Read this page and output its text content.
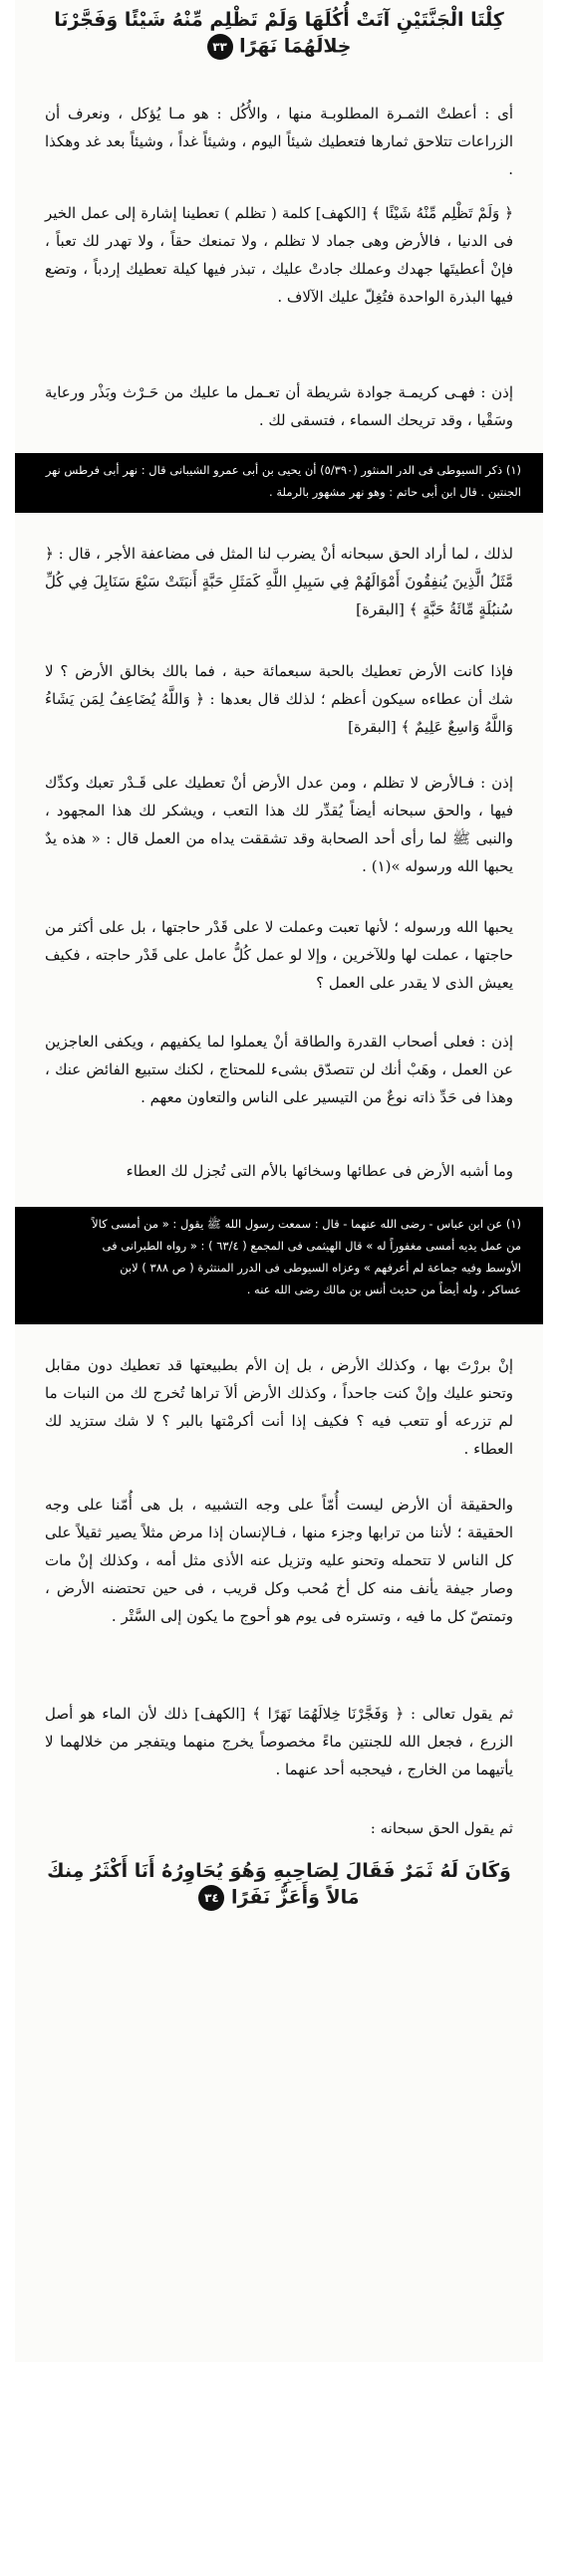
كِلْتَا الْجَنَّتَيْنِ آتَتْ أُكُلَهَا وَلَمْ تَظْلِم مِّنْهُ شَيْئًا وَفَجَّرْنَا خِلالَهُمَا نَهَرًا ٣٣

أى : أعطتْ الثمـرة المطلوبـة منها ، والأُكُل : هو مـا يُؤكل ، ونعرف أن الزراعات تتلاحق ثمارها فتعطيك شيئاً اليوم ، وشيئاً غداً ، وشيئاً بعد غد وهكذا .

﴿ وَلَمْ تَظْلِم مِّنْهُ شَيْئًا ﴾ [الكهف] كلمة ( تظلم ) تعطينا إشارة إلى عمل الخير فى الدنيا ، فالأرض وهى جماد لا تظلم ، ولا تمنعك حقاً ، ولا تهدر لك تعباً ، فإنْ أعطيتَها جهدك وعملك جادتْ عليك ، تبذر فيها كيلة تعطيك إردباً ، وتضع فيها البذرة الواحدة فتُغِلّ عليك الآلاف .

إذن : فهـى كريمـة جوادة شريطة أن تعـمل ما عليك من حَـرْث وبَذْر ورعاية وسَقْيا ، وقد تريحك السماء ، فتسقى لك .

(١) ذكر السيوطى فى الدر المنثور (٥/٣٩٠) أن يحيى بن أبى عمرو الشيبانى قال : نهر أبى فرطس نهر الجنتين . قال ابن أبى حاتم : وهو نهر مشهور بالرملة .

لذلك ، لما أراد الحق سبحانه أنْ يضرب لنا المثل فى مضاعفة الأجر ، قال : ﴿ مَّثَلُ الَّذِينَ يُنفِقُونَ أَمْوَالَهُمْ فِي سَبِيلِ اللَّهِ كَمَثَلِ حَبَّةٍ أَنبَتَتْ سَبْعَ سَنَابِلَ فِي كُلِّ سُنبُلَةٍ مِّائَةُ حَبَّةٍ ﴾ [البقرة]

فإذا كانت الأرض تعطيك بالحبة سبعمائة حبة ، فما بالك بخالق الأرض ؟ لا شك أن عطاءه سيكون أعظم ؛ لذلك قال بعدها : ﴿ وَاللَّهُ يُضَاعِفُ لِمَن يَشَاءُ وَاللَّهُ وَاسِعٌ عَلِيمٌ ﴾ [البقرة]

إذن : فـالأرض لا تظلم ، ومن عدل الأرض أنْ تعطيك على قَـدْر تعبك وكدِّك فيها ، والحق سبحانه أيضاً يُقدِّر لك هذا التعب ، ويشكر لك هذا المجهود ، والنبى ﷺ لما رأى أحد الصحابة وقد تشققت يداه من العمل قال : « هذه يدٌ يحبها الله ورسوله »(١) .

يحبها الله ورسوله ؛ لأنها تعبت وعملت لا على قَدْر حاجتها ، بل على أكثر من حاجتها ، عملت لها وللآخرين ، وإلا لو عمل كُلُّ عامل على قَدْر حاجته ، فكيف يعيش الذى لا يقدر على العمل ؟

إذن : فعلى أصحاب القدرة والطاقة أنْ يعملوا لما يكفيهم ، ويكفى العاجزين عن العمل ، وهَبْ أنك لن تتصدّق بشىء للمحتاج ، لكنك ستبيع الفائض عنك ، وهذا فى حَدِّ ذاته نوعٌ من التيسير على الناس والتعاون معهم .

وما أشبه الأرض فى عطائها وسخائها بالأم التى تُجزل لك العطاء

(١) عن ابن عباس - رضى الله عنهما - قال : سمعت رسول الله ﷺ يقول : « من أمسى كالاً
من عمل يديه أمسى مغفوراً له » قال الهيثمى فى المجمع ( ٦٣/٤ ) : « رواه الطبرانى فى
الأوسط وفيه جماعة لم أعرفهم » وعزاه السيوطى فى الدرر المنتثرة ( ص ٣٨٨ ) لابن
عساكر ، وله أيضاً من حديث أنس بن مالك رضى الله عنه .

إنْ بررْتَ بها ، وكذلك الأرض ، بل إن الأم بطبيعتها قد تعطيك دون مقابل وتحنو عليك وإنْ كنت جاحداً ، وكذلك الأرض ألاَ تراها تُخرج لك من النبات ما لم تزرعه أو تتعب فيه ؟ فكيف إذا أنت أكرمْتها بالبر ؟ لا شك ستزيد لك العطاء .

والحقيقة أن الأرض ليست أُمّاً على وجه التشبيه ، بل هى أُمّنا على وجه الحقيقة ؛ لأننا من ترابها وجزء منها ، فـالإنسان إذا مرض مثلاً يصير ثقيلاً على كل الناس لا تتحمله وتحنو عليه وتزيل عنه الأذى مثل أمه ، وكذلك إنْ مات وصار جيفة يأنف منه كل أخ مُحب وكل قريب ، فى حين تحتضنه الأرض ، وتمتصّ كل ما فيه ، وتستره فى يوم هو أحوج ما يكون إلى السَّتْر .

ثم يقول تعالى : ﴿ وَفَجَّرْنَا خِلالَهُمَا نَهَرًا ﴾ [الكهف] ذلك لأن الماء هو أصل الزرع ، فجعل الله للجنتين ماءً مخصوصاً يخرج منهما ويتفجر من خلالهما لا يأتيهما من الخارج ، فيحجبه أحد عنهما .

ثم يقول الحق سبحانه :

وَكَانَ لَهُ ثَمَرٌ فَقَالَ لِصَاحِبِهِ وَهُوَ يُحَاوِرُهُ أَنَا أَكْثَرُ مِنكَ مَالاً وَأَعَزُّ نَفَرًا ٣٤
